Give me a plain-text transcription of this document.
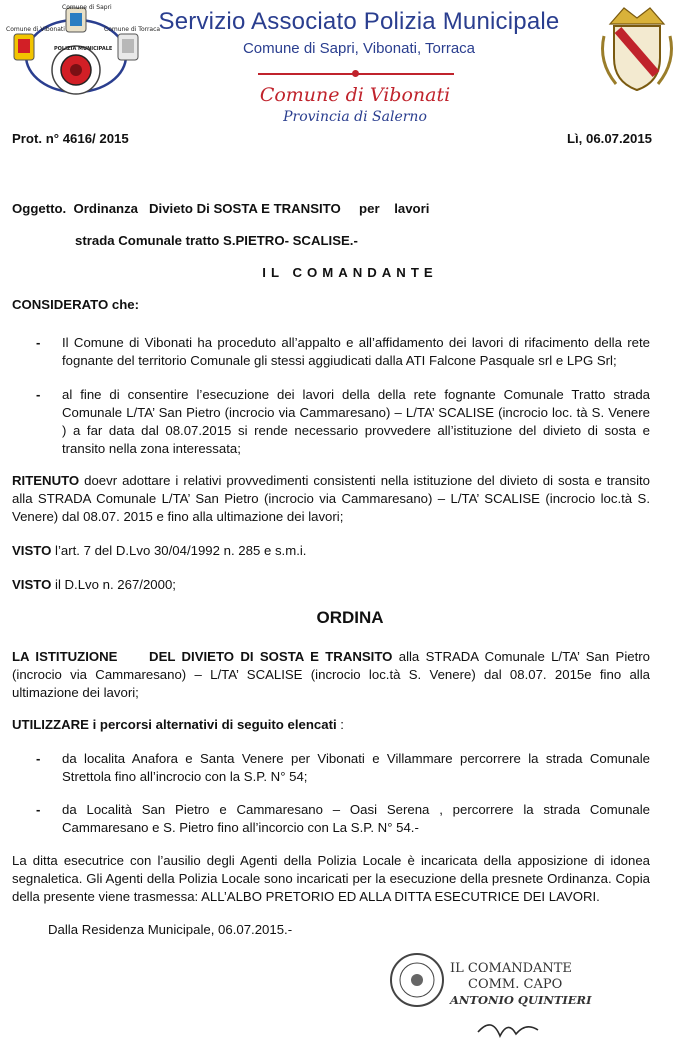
Comune di Sapri
Comune di Vibonati	Comune di Torraca
POLIZIA MUNICIPALE
Servizio Associato Polizia Municipale
Comune di Sapri, Vibonati, Torraca
Comune di Vibonati
Provincia di Salerno
Prot. n° 4616/ 2015	Lì, 06.07.2015
Oggetto.  Ordinanza   Divieto Di SOSTA E TRANSITO     per    lavori
strada Comunale tratto S.PIETRO- SCALISE.-
IL COMANDANTE
CONSIDERATO che:
- Il Comune di Vibonati ha proceduto all’appalto e all’affidamento dei lavori di rifacimento della rete fognante del territorio Comunale gli stessi aggiudicati dalla ATI Falcone Pasquale srl e LPG Srl;
- al fine di consentire l’esecuzione dei lavori della della rete fognante Comunale Tratto strada Comunale L/TA’ San Pietro (incrocio via Cammaresano) – L/TA’ SCALISE (incrocio loc. tà S. Venere ) a far data dal 08.07.2015 si rende necessario provvedere all’istituzione del divieto di sosta e transito nella zona interessata;
RITENUTO doevr adottare i relativi provvedimenti consistenti nella istituzione del divieto di sosta e transito alla STRADA Comunale L/TA’ San Pietro (incrocio via Cammaresano) – L/TA’ SCALISE (incrocio loc.tà S. Venere) dal 08.07. 2015 e fino alla ultimazione dei lavori;
VISTO l’art. 7 del D.Lvo 30/04/1992 n. 285 e s.m.i.
VISTO il D.Lvo n. 267/2000;
ORDINA
LA ISTITUZIONE     DEL DIVIETO DI SOSTA E TRANSITO alla STRADA Comunale L/TA’ San Pietro (incrocio via Cammaresano) – L/TA’ SCALISE (incrocio loc.tà S. Venere) dal 08.07. 2015e fino alla ultimazione dei lavori;
UTILIZZARE i percorsi alternativi di seguito elencati :
- da localita Anafora e Santa Venere per Vibonati e Villammare percorrere la strada Comunale Strettola fino all’incrocio con la S.P. N° 54;
- da Località San Pietro e Cammaresano – Oasi Serena , percorrere la strada Comunale Cammaresano e S. Pietro fino all’incorcio con La S.P. N° 54.-
La ditta esecutrice con l’ausilio degli Agenti della Polizia Locale è incaricata della apposizione di idonea segnaletica. Gli Agenti della Polizia Locale sono incaricati per la esecuzione della presnete Ordinanza. Copia della presente viene trasmessa: ALL’ALBO PRETORIO ED ALLA DITTA ESECUTRICE DEI LAVORI.
Dalla Residenza Municipale, 06.07.2015.-
IL COMANDANTE
COMM. CAPO
ANTONIO QUINTIERI
